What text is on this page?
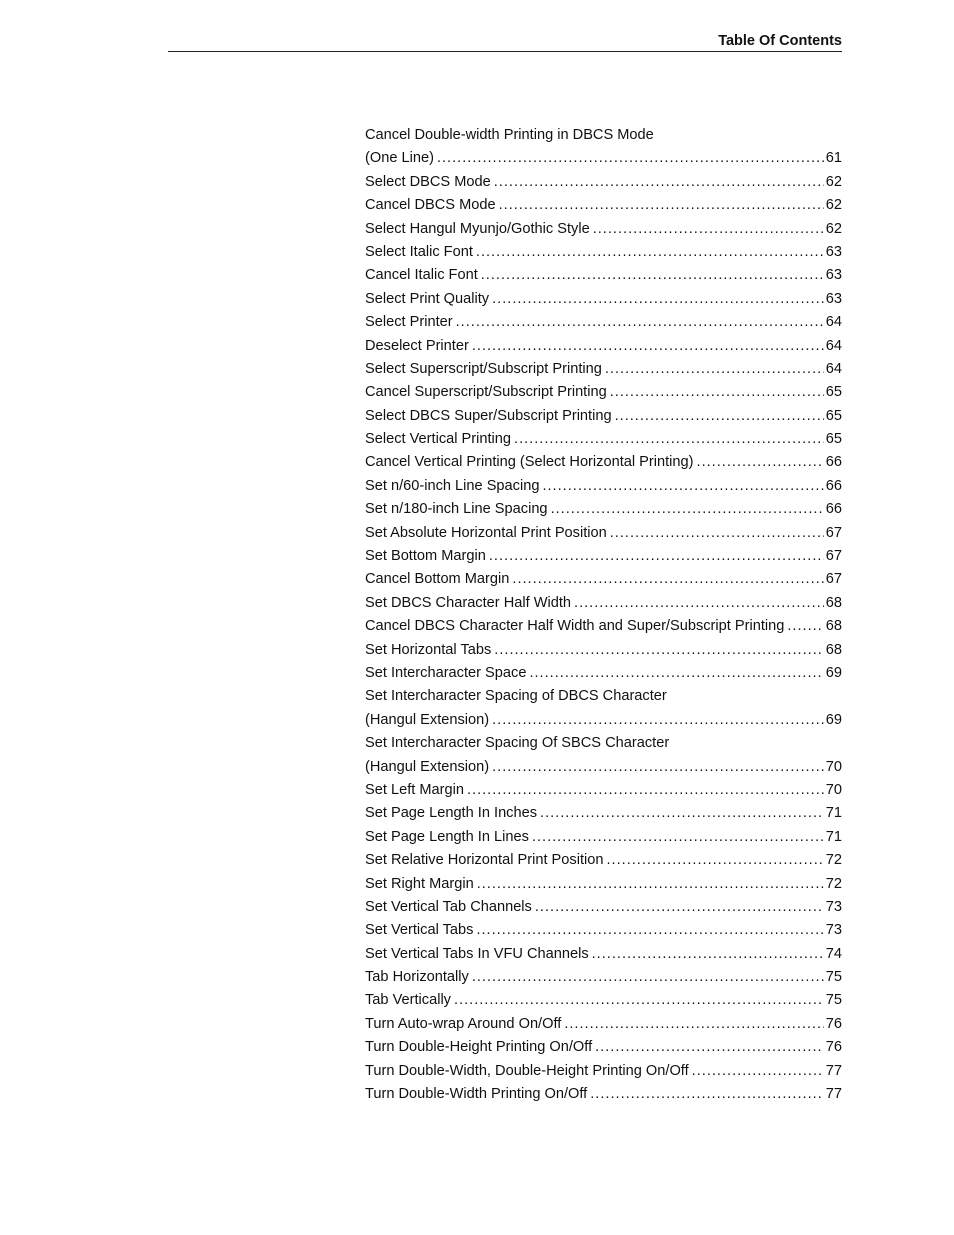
Table Of Contents
Cancel Double-width Printing in DBCS Mode
(One Line) .....	61
Select DBCS Mode .....	62
Cancel DBCS Mode .....	62
Select Hangul Myunjo/Gothic Style .....	62
Select Italic Font .....	63
Cancel Italic Font .....	63
Select Print Quality .....	63
Select Printer .....	64
Deselect Printer .....	64
Select Superscript/Subscript Printing .....	64
Cancel Superscript/Subscript Printing .....	65
Select DBCS Super/Subscript Printing .....	65
Select Vertical Printing .....	65
Cancel Vertical Printing (Select Horizontal Printing) .....	66
Set n/60-inch Line Spacing .....	66
Set n/180-inch Line Spacing .....	66
Set Absolute Horizontal Print Position .....	67
Set Bottom Margin .....	67
Cancel Bottom Margin .....	67
Set DBCS Character Half Width .....	68
Cancel DBCS Character Half Width and Super/Subscript Printing .....	68
Set Horizontal Tabs .....	68
Set Intercharacter Space .....	69
Set Intercharacter Spacing of DBCS Character
(Hangul Extension) .....	69
Set Intercharacter Spacing Of SBCS Character
(Hangul Extension) .....	70
Set Left Margin .....	70
Set Page Length In Inches .....	71
Set Page Length In Lines .....	71
Set Relative Horizontal Print Position .....	72
Set Right Margin .....	72
Set Vertical Tab Channels .....	73
Set Vertical Tabs .....	73
Set Vertical Tabs In VFU Channels .....	74
Tab Horizontally .....	75
Tab Vertically .....	75
Turn Auto-wrap Around On/Off .....	76
Turn Double-Height Printing On/Off .....	76
Turn Double-Width, Double-Height Printing On/Off .....	77
Turn Double-Width Printing On/Off .....	77
